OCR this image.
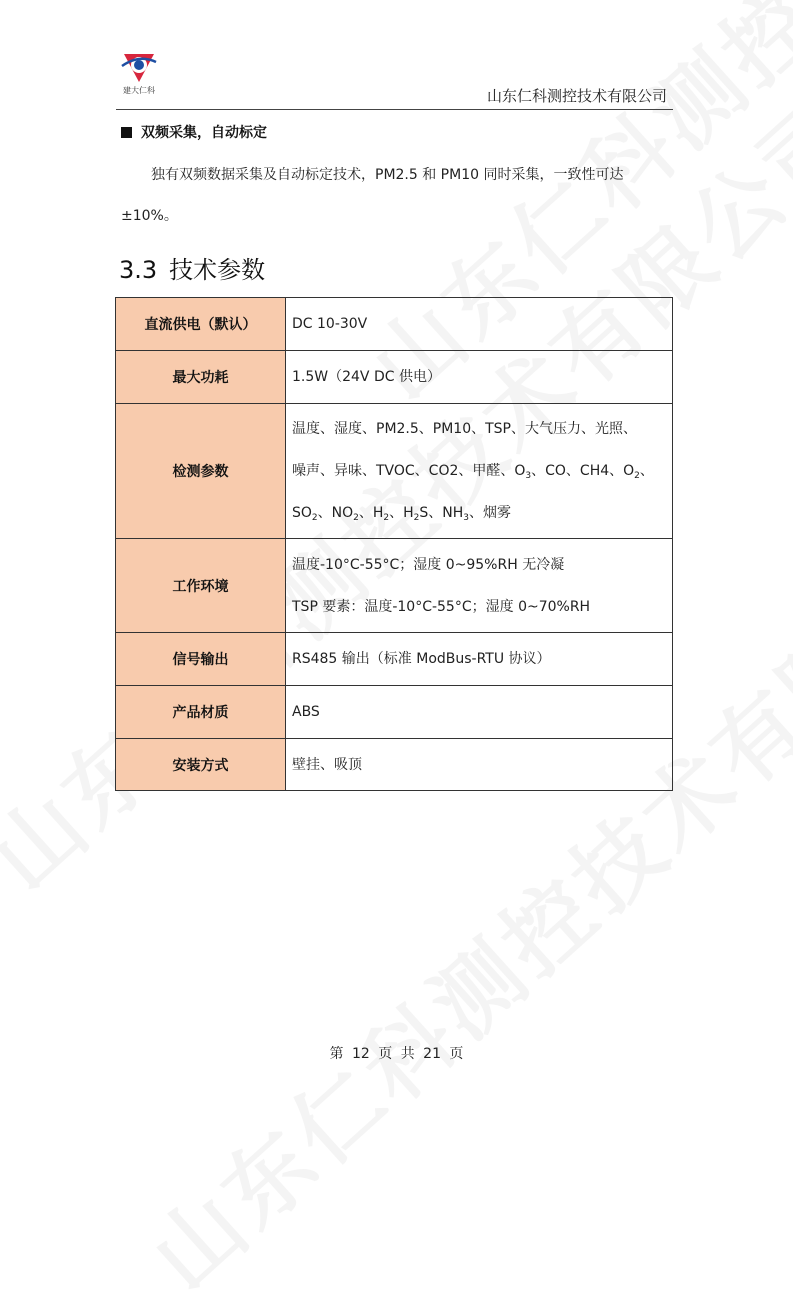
建大仁科	山东仁科测控技术有限公司
双频采集，自动标定
独有双频数据采集及自动标定技术，PM2.5 和 PM10 同时采集，一致性可达
±10%。
3.3 技术参数
直流供电（默认）	DC 10-30V
最大功耗	1.5W（24V DC 供电）
检测参数	温度、湿度、PM2.5、PM10、TSP、大气压力、光照、
噪声、异味、TVOC、CO2、甲醛、$O_3$、CO、CH4、$O_2$、
$SO_2$、$NO_2$、$H_2$、$H_2S$、$NH_3$、烟雾

工作环境	温度-10°C-55°C；湿度 0~95%RH 无冷凝
TSP 要素：温度-10°C-55°C；湿度 0~70%RH

信号输出	RS485 输出（标准 ModBus-RTU 协议）
产品材质	ABS
安装方式	壁挂、吸顶
第 12 页 共 21 页
